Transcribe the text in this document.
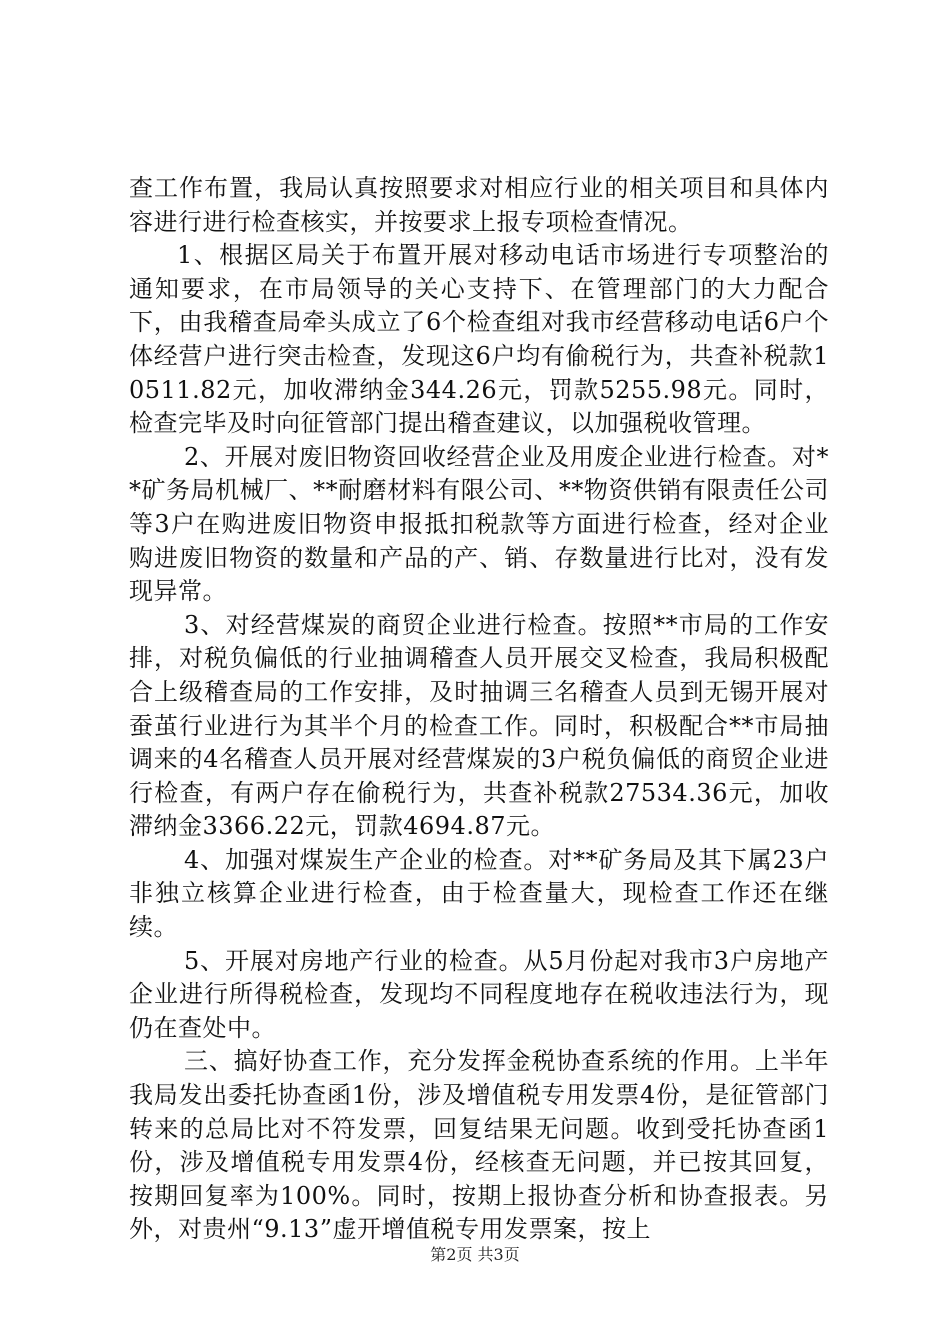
查工作布置，我局认真按照要求对相应行业的相关项目和具体内容进行进行检查核实，并按要求上报专项检查情况。

1、根据区局关于布置开展对移动电话市场进行专项整治的通知要求，在市局领导的关心支持下、在管理部门的大力配合下，由我稽查局牵头成立了6个检查组对我市经营移动电话6户个体经营户进行突击检查，发现这6户均有偷税行为，共查补税款10511.82元，加收滞纳金344.26元，罚款5255.98元。同时，检查完毕及时向征管部门提出稽查建议，以加强税收管理。

2、开展对废旧物资回收经营企业及用废企业进行检查。对**矿务局机械厂、**耐磨材料有限公司、**物资供销有限责任公司等3户在购进废旧物资申报抵扣税款等方面进行检查，经对企业购进废旧物资的数量和产品的产、销、存数量进行比对，没有发现异常。

3、对经营煤炭的商贸企业进行检查。按照**市局的工作安排，对税负偏低的行业抽调稽查人员开展交叉检查，我局积极配合上级稽查局的工作安排，及时抽调三名稽查人员到无锡开展对蚕茧行业进行为其半个月的检查工作。同时，积极配合**市局抽调来的4名稽查人员开展对经营煤炭的3户税负偏低的商贸企业进行检查，有两户存在偷税行为，共查补税款27534.36元，加收滞纳金3366.22元，罚款4694.87元。

4、加强对煤炭生产企业的检查。对**矿务局及其下属23户非独立核算企业进行检查，由于检查量大，现检查工作还在继续。

5、开展对房地产行业的检查。从5月份起对我市3户房地产企业进行所得税检查，发现均不同程度地存在税收违法行为，现仍在查处中。

三、搞好协查工作，充分发挥金税协查系统的作用。上半年我局发出委托协查函1份，涉及增值税专用发票4份，是征管部门转来的总局比对不符发票，回复结果无问题。收到受托协查函1份，涉及增值税专用发票4份，经核查无问题，并已按其回复，按期回复率为100%。同时，按期上报协查分析和协查报表。另外，对贵州“9.13”虚开增值税专用发票案，按上

第2页 共3页
